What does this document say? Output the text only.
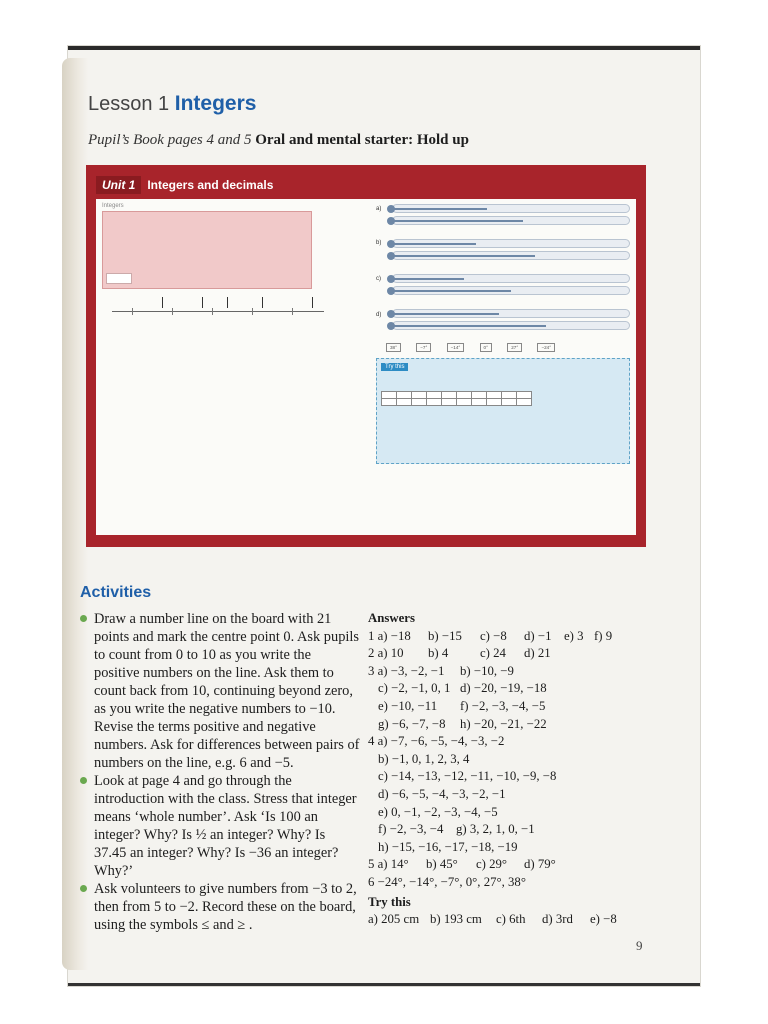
Lesson 1 Integers
Pupil’s Book pages 4 and 5 Oral and mental starter: Hold up
Unit 1	Integers and decimals
Integers
	a)
b)
c)
d)
38°	−7°	−14°	0°	27°	−24°
Try this

Activities
Draw a number line on the board with 21 points and mark the centre point 0. Ask pupils to count from 0 to 10 as you write the positive numbers on the line. Ask them to count back from 10, continuing beyond zero, as you write the negative numbers to −10. Revise the terms positive and negative numbers. Ask for differences between pairs of numbers on the line, e.g. 6 and −5.
Look at page 4 and go through the introduction with the class. Stress that integer means ‘whole number’. Ask ‘Is 100 an integer? Why? Is ½ an integer? Why? Is 37.45 an integer? Why? Is −36 an integer? Why?’
Ask volunteers to give numbers from −3 to 2, then from 5 to −2. Record these on the board, using the symbols ≤ and ≥ .
Answers
1 a) −18 b) −15 c) −8 d) −1 e) 3 f) 9
2 a) 10 b) 4 c) 24 d) 21
3 a) −3, −2, −1 b) −10, −9
c) −2, −1, 0, 1 d) −20, −19, −18
e) −10, −11 f) −2, −3, −4, −5
g) −6, −7, −8 h) −20, −21, −22
4 a) −7, −6, −5, −4, −3, −2
b) −1, 0, 1, 2, 3, 4
c) −14, −13, −12, −11, −10, −9, −8
d) −6, −5, −4, −3, −2, −1
e) 0, −1, −2, −3, −4, −5
f) −2, −3, −4 g) 3, 2, 1, 0, −1
h) −15, −16, −17, −18, −19
5 a) 14° b) 45° c) 29° d) 79°
6 −24°, −14°, −7°, 0°, 27°, 38°
Try this
a) 205 cm b) 193 cm c) 6th d) 3rd e) −8
9
